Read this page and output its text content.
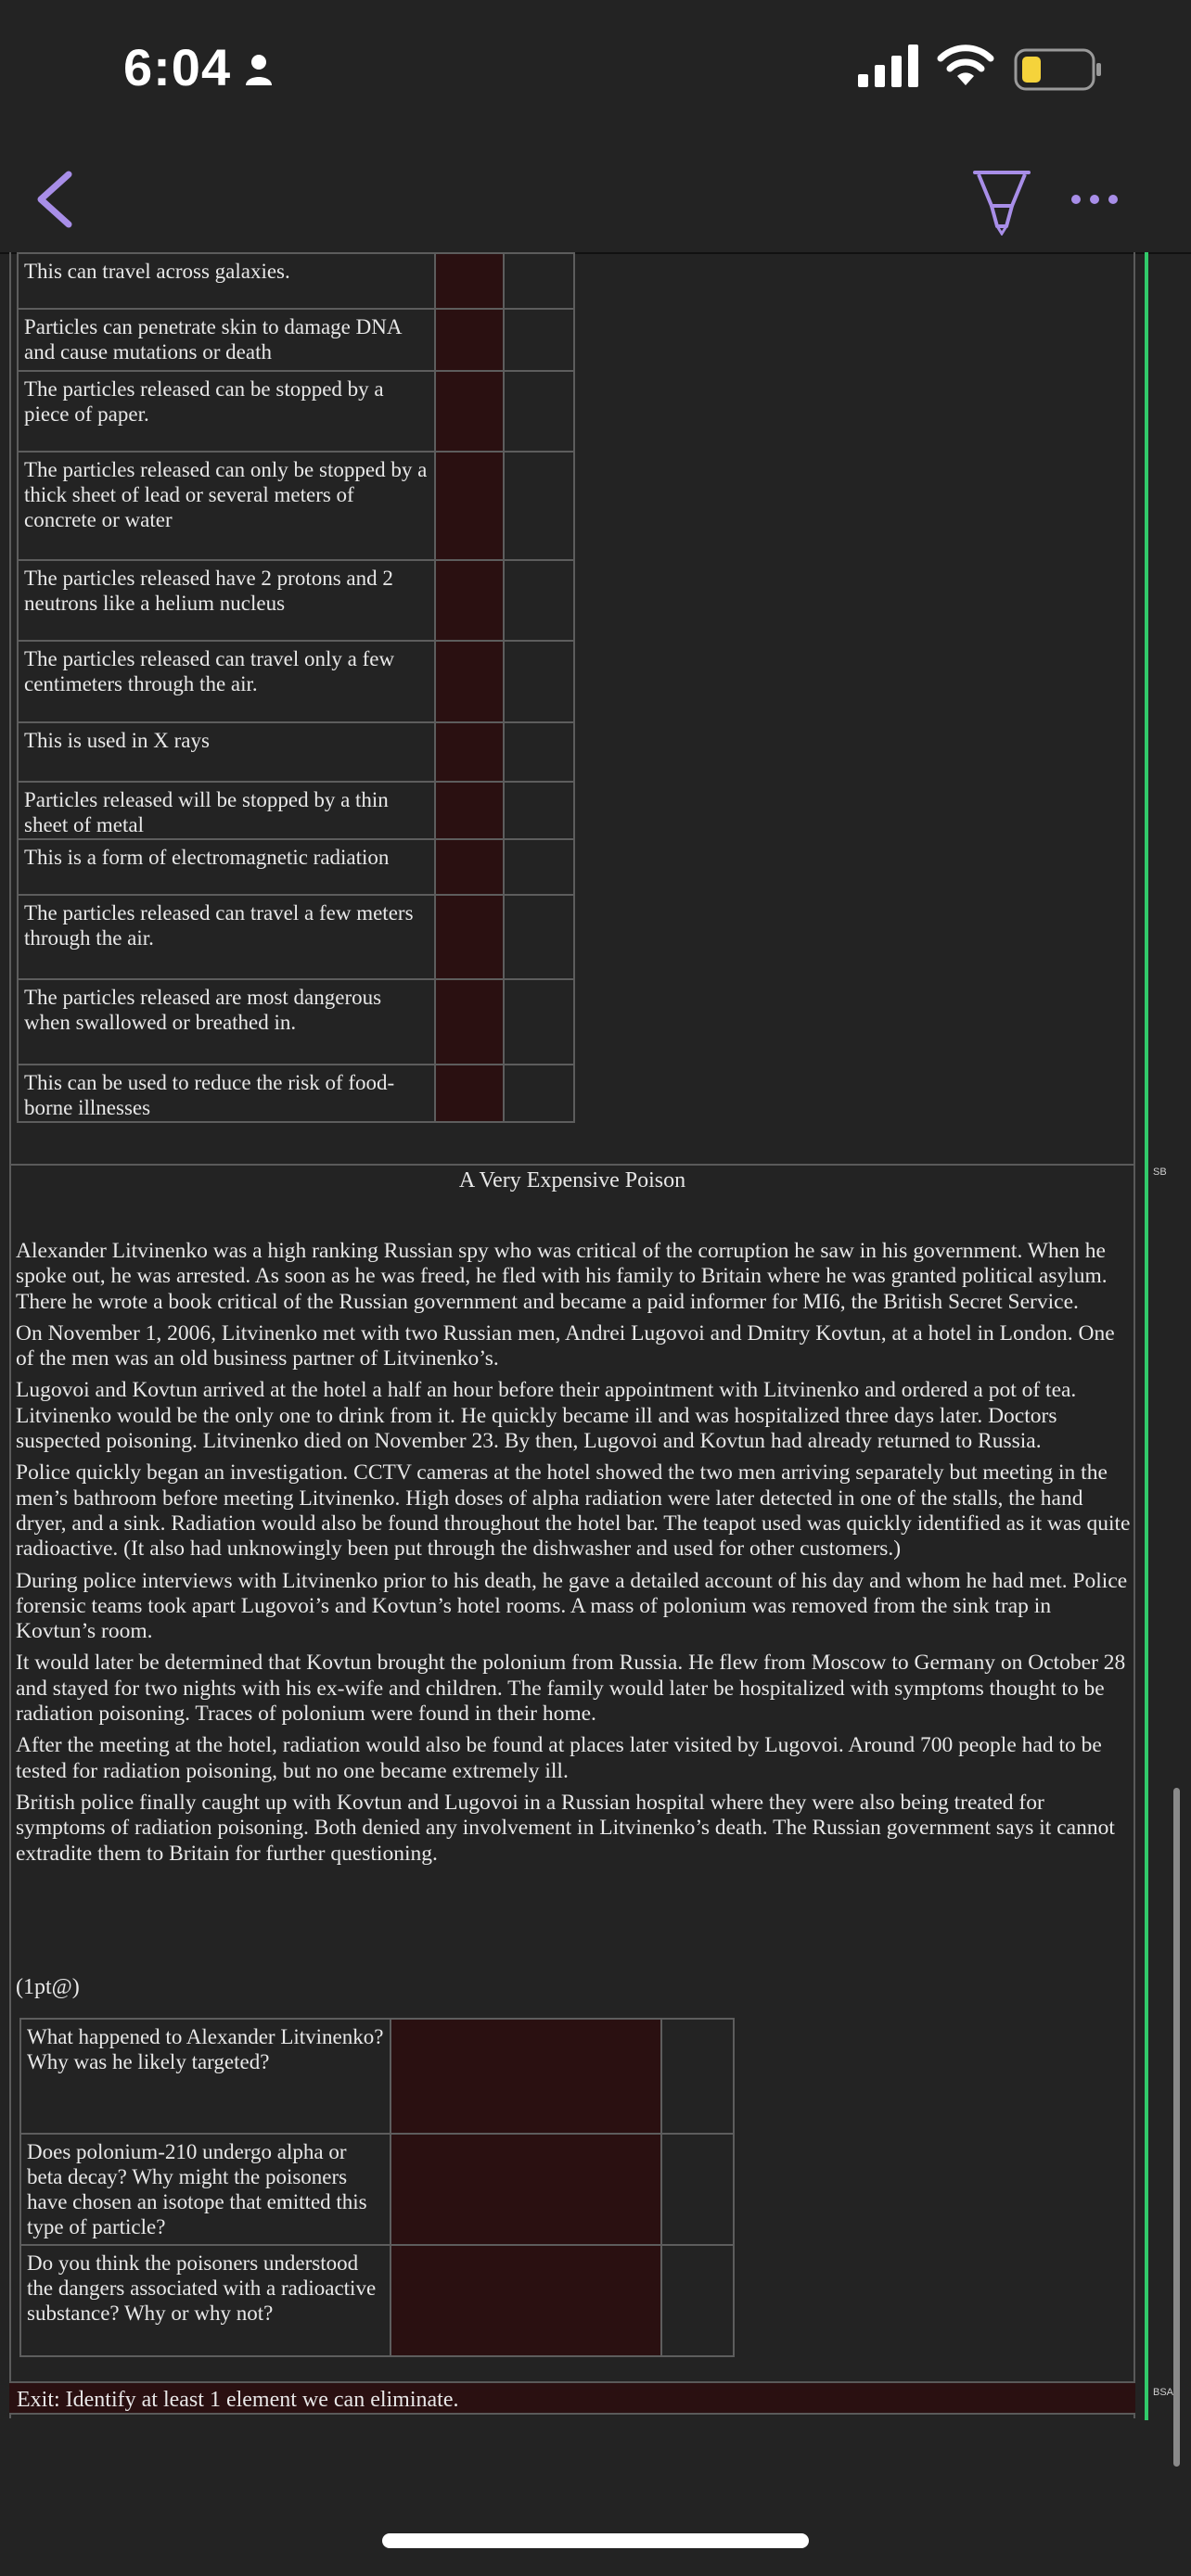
6:04
This can travel across galaxies.		
Particles can penetrate skin to damage DNA and cause mutations or death		
The particles released can be stopped by a piece of paper.		
The particles released can only be stopped by a thick sheet of lead or several meters of concrete or water		
The particles released have 2 protons and 2 neutrons like a helium nucleus		
The particles released can travel only a few centimeters through the air.		
This is used in X rays		
Particles released will be stopped by a thin sheet of metal		
This is a form of electromagnetic radiation		
The particles released can travel a few meters through the air.		
The particles released are most dangerous when swallowed or breathed in.		
This can be used to reduce the risk of food-borne illnesses		
A Very Expensive Poison

Alexander Litvinenko was a high ranking Russian spy who was critical of the corruption he saw in his government. When he spoke out, he was arrested. As soon as he was freed, he fled with his family to Britain where he was granted political asylum. There he wrote a book critical of the Russian government and became a paid informer for MI6, the British Secret Service.

On November 1, 2006, Litvinenko met with two Russian men, Andrei Lugovoi and Dmitry Kovtun, at a hotel in London. One of the men was an old business partner of Litvinenko’s.

Lugovoi and Kovtun arrived at the hotel a half an hour before their appointment with Litvinenko and ordered a pot of tea. Litvinenko would be the only one to drink from it. He quickly became ill and was hospitalized three days later. Doctors suspected poisoning. Litvinenko died on November 23. By then, Lugovoi and Kovtun had already returned to Russia.

Police quickly began an investigation. CCTV cameras at the hotel showed the two men arriving separately but meeting in the men’s bathroom before meeting Litvinenko. High doses of alpha radiation were later detected in one of the stalls, the hand dryer, and a sink. Radiation would also be found throughout the hotel bar. The teapot used was quickly identified as it was quite radioactive. (It also had unknowingly been put through the dishwasher and used for other customers.)

During police interviews with Litvinenko prior to his death, he gave a detailed account of his day and whom he had met. Police forensic teams took apart Lugovoi’s and Kovtun’s hotel rooms. A mass of polonium was removed from the sink trap in Kovtun’s room.

It would later be determined that Kovtun brought the polonium from Russia. He flew from Moscow to Germany on October 28 and stayed for two nights with his ex-wife and children. The family would later be hospitalized with symptoms thought to be radiation poisoning. Traces of polonium were found in their home.

After the meeting at the hotel, radiation would also be found at places later visited by Lugovoi. Around 700 people had to be tested for radiation poisoning, but no one became extremely ill.

British police finally caught up with Kovtun and Lugovoi in a Russian hospital where they were also being treated for symptoms of radiation poisoning. Both denied any involvement in Litvinenko’s death. The Russian government says it cannot extradite them to Britain for further questioning.

(1pt@)
What happened to Alexander Litvinenko? Why was he likely targeted?		
Does polonium-210 undergo alpha or beta decay? Why might the poisoners have chosen an isotope that emitted this type of particle?		
Do you think the poisoners understood the dangers associated with a radioactive substance? Why or why not?		
Exit: Identify at least 1 element we can eliminate.
SB
BSA
